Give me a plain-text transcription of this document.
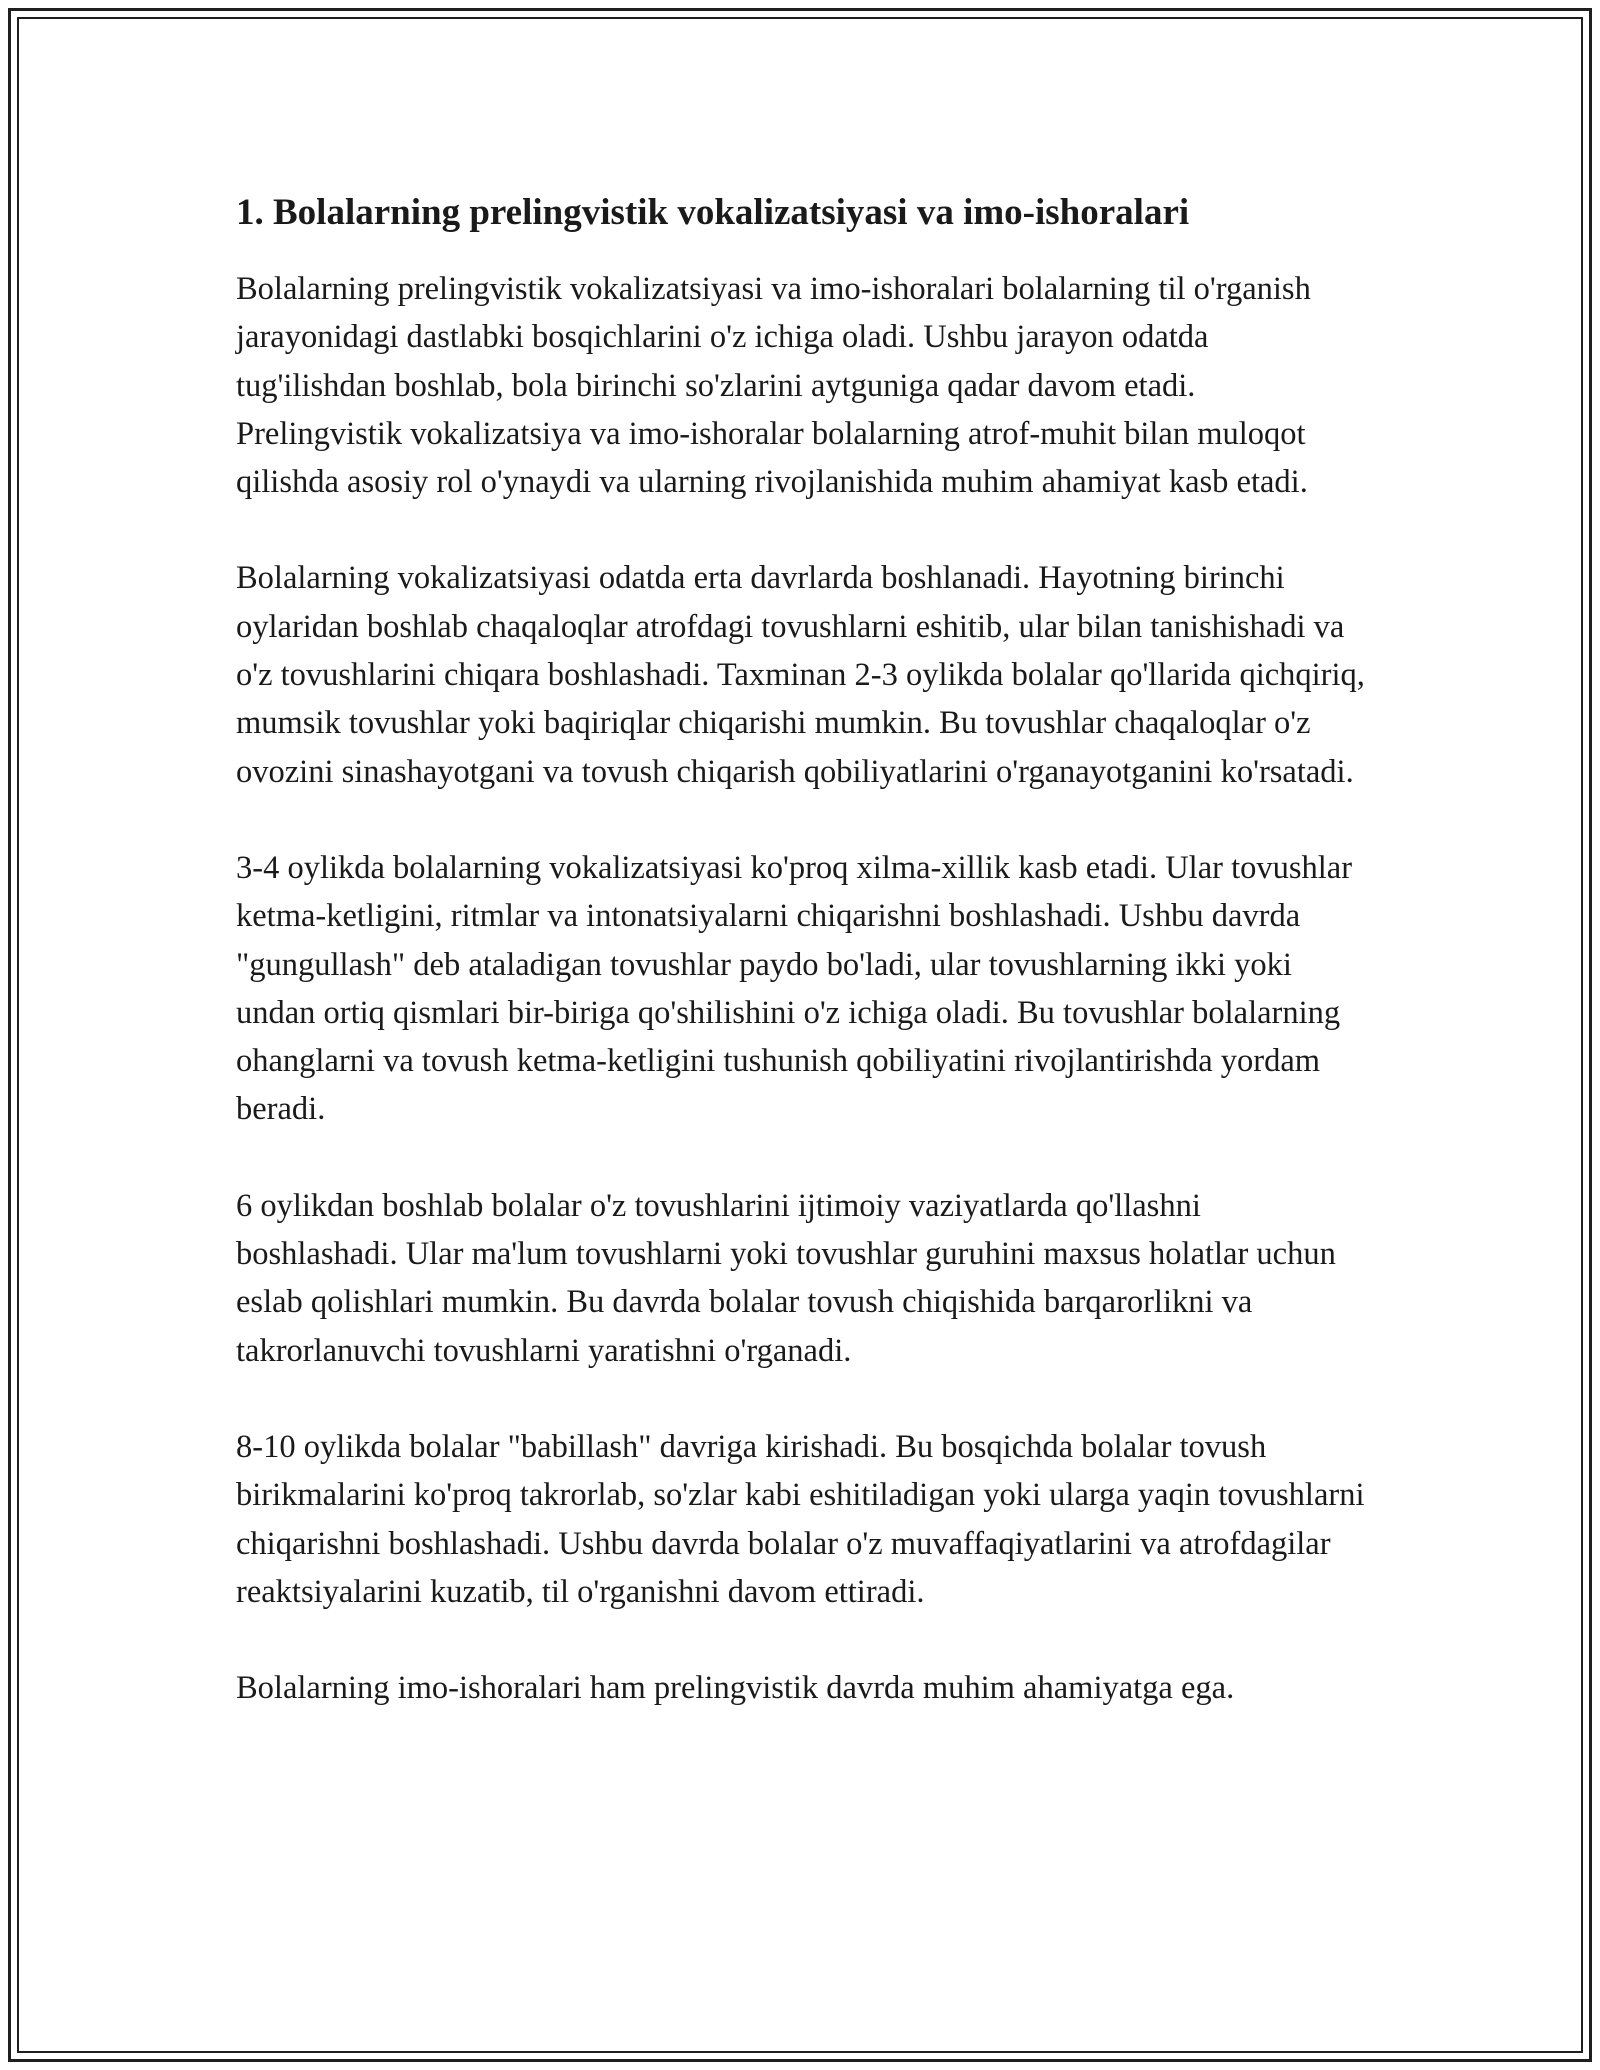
1. Bolalarning prelingvistik vokalizatsiyasi va imo-ishoralari

Bolalarning prelingvistik vokalizatsiyasi va imo-ishoralari bolalarning til o'rganish jarayonidagi dastlabki bosqichlarini o'z ichiga oladi. Ushbu jarayon odatda tug'ilishdan boshlab, bola birinchi so'zlarini aytguniga qadar davom etadi. Prelingvistik vokalizatsiya va imo-ishoralar bolalarning atrof-muhit bilan muloqot qilishda asosiy rol o'ynaydi va ularning rivojlanishida muhim ahamiyat kasb etadi.

Bolalarning vokalizatsiyasi odatda erta davrlarda boshlanadi. Hayotning birinchi oylaridan boshlab chaqaloqlar atrofdagi tovushlarni eshitib, ular bilan tanishishadi va o'z tovushlarini chiqara boshlashadi. Taxminan 2-3 oylikda bolalar qo'llarida qichqiriq, mumsik tovushlar yoki baqiriqlar chiqarishi mumkin. Bu tovushlar chaqaloqlar o'z ovozini sinashayotgani va tovush chiqarish qobiliyatlarini o'rganayotganini ko'rsatadi.

3-4 oylikda bolalarning vokalizatsiyasi ko'proq xilma-xillik kasb etadi. Ular tovushlar ketma-ketligini, ritmlar va intonatsiyalarni chiqarishni boshlashadi. Ushbu davrda "gungullash" deb ataladigan tovushlar paydo bo'ladi, ular tovushlarning ikki yoki undan ortiq qismlari bir-biriga qo'shilishini o'z ichiga oladi. Bu tovushlar bolalarning ohanglarni va tovush ketma-ketligini tushunish qobiliyatini rivojlantirishda yordam beradi.

6 oylikdan boshlab bolalar o'z tovushlarini ijtimoiy vaziyatlarda qo'llashni boshlashadi. Ular ma'lum tovushlarni yoki tovushlar guruhini maxsus holatlar uchun eslab qolishlari mumkin. Bu davrda bolalar tovush chiqishida barqarorlikni va takrorlanuvchi tovushlarni yaratishni o'rganadi.

8-10 oylikda bolalar "babillash" davriga kirishadi. Bu bosqichda bolalar tovush birikmalarini ko'proq takrorlab, so'zlar kabi eshitiladigan yoki ularga yaqin tovushlarni chiqarishni boshlashadi. Ushbu davrda bolalar o'z muvaffaqiyatlarini va atrofdagilar reaktsiyalarini kuzatib, til o'rganishni davom ettiradi.

Bolalarning imo-ishoralari ham prelingvistik davrda muhim ahamiyatga ega.
